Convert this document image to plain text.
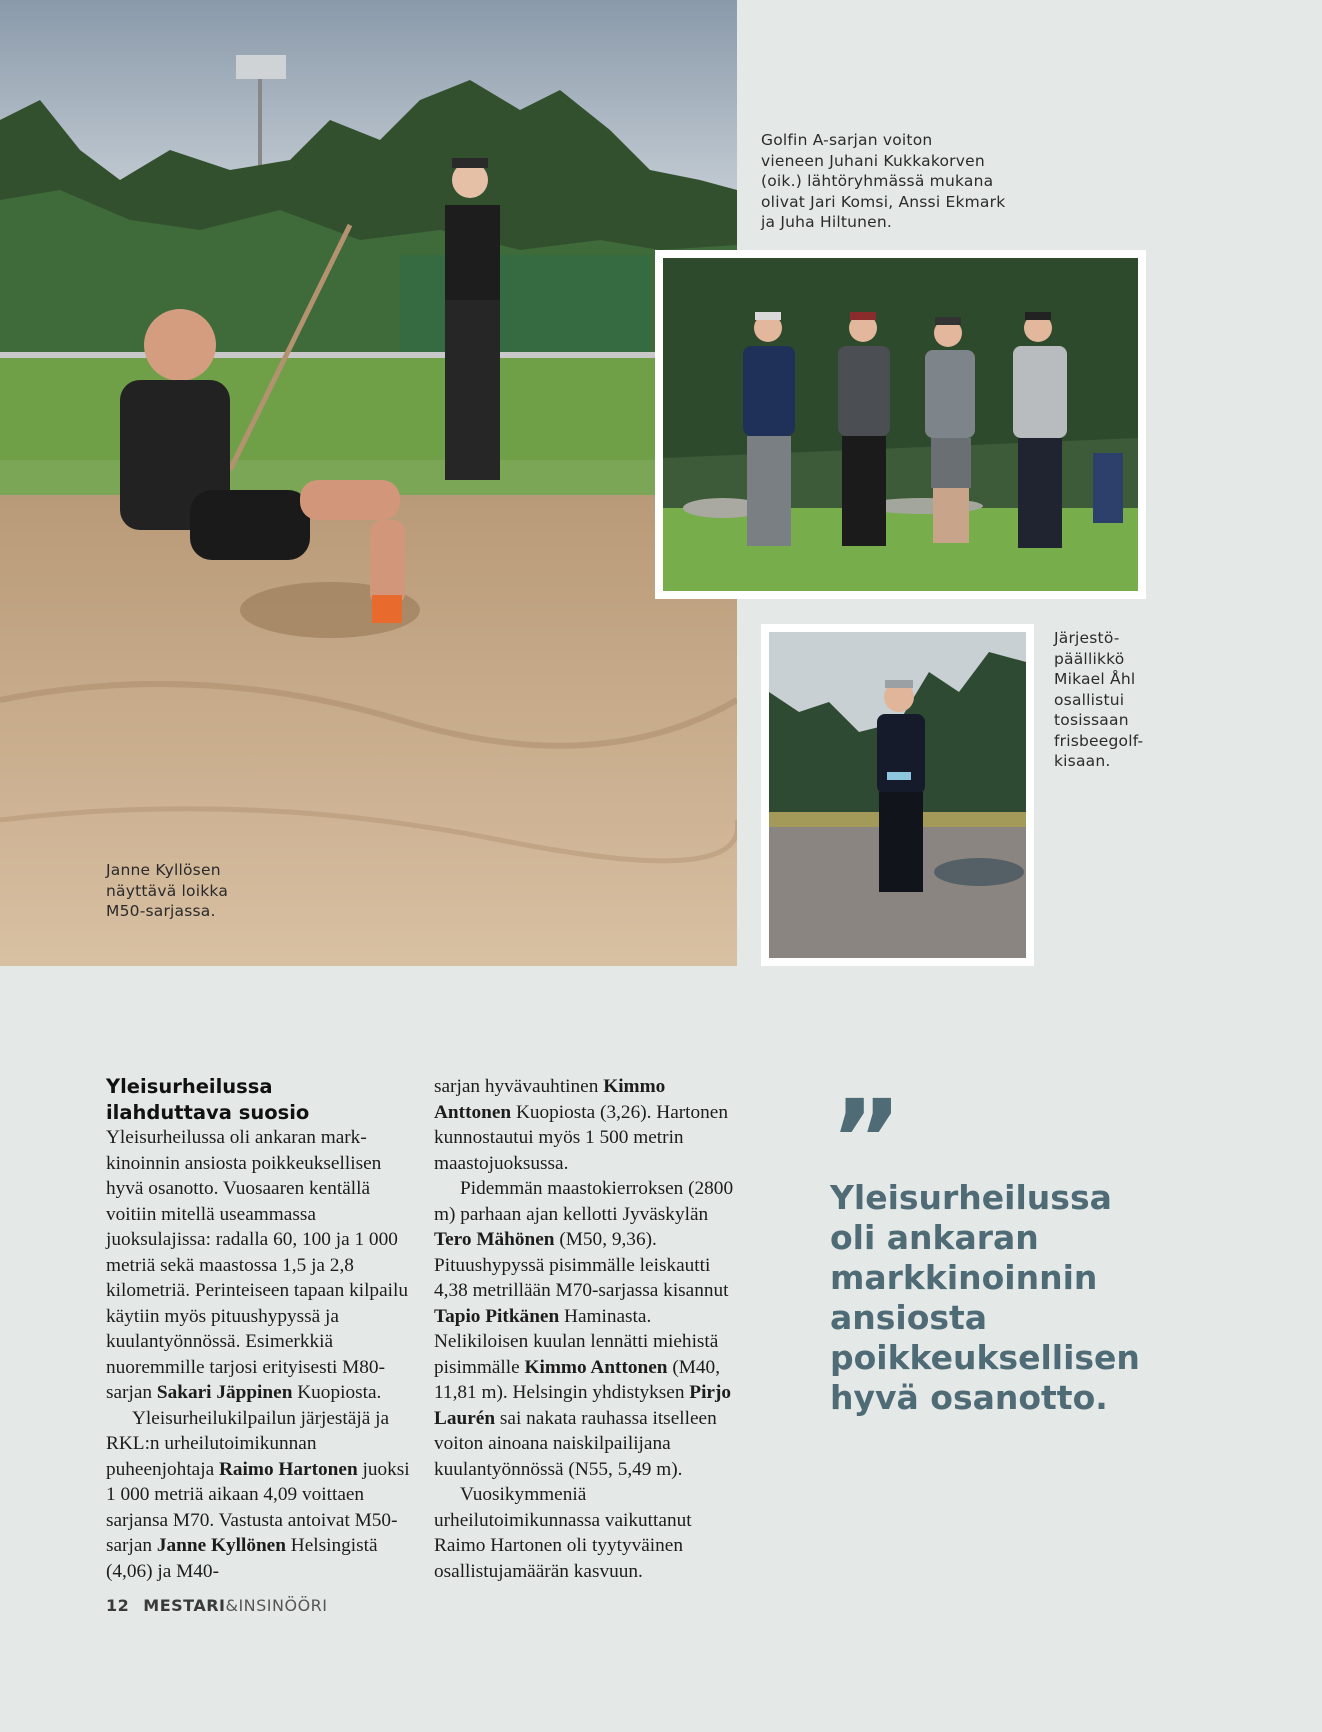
Golfin A-sarjan voiton
vieneen Juhani Kukkakorven
(oik.) lähtöryhmässä mukana
olivat Jari Komsi, Anssi Ekmark
ja Juha Hiltunen.
Järjestö-
päällikkö
Mikael Åhl
osallistui
tosissaan
frisbeegolf-
kisaan.
Janne Kyllösen
näyttävä loikka
M50-sarjassa.
Yleisurheilussa
ilahduttava suosio

Yleisurheilussa oli ankaran markkinoinnin ansiosta poikkeuksellisen hyvä osanotto. Vuosaaren kentällä voitiin mitellä useammassa juoksulajissa: radalla 60, 100 ja 1 000 metriä sekä maastossa 1,5 ja 2,8 kilometriä. Perinteiseen tapaan kilpailu käytiin myös pituushypyssä ja kuulantyönnössä. Esimerkkiä nuoremmille tarjosi erityisesti M80-sarjan Sakari Jäppinen Kuopiosta.

Yleisurheilukilpailun järjestäjä ja RKL:n urheilutoimikunnan puheenjohtaja Raimo Hartonen juoksi 1 000 metriä aikaan 4,09 voittaen sarjansa M70. Vastusta antoivat M50-sarjan Janne Kyllönen Helsingistä (4,06) ja M40-

sarjan hyvävauhtinen Kimmo Anttonen Kuopiosta (3,26). Hartonen kunnostautui myös 1 500 metrin maastojuoksussa.

Pidemmän maastokierroksen (2800 m) parhaan ajan kellotti Jyväskylän Tero Mähönen (M50, 9,36). Pituushypyssä pisimmälle leiskautti 4,38 metrillään M70-sarjassa kisannut Tapio Pitkänen Haminasta. Nelikiloisen kuulan lennätti miehistä pisimmälle Kimmo Anttonen (M40, 11,81 m). Helsingin yhdistyksen Pirjo Laurén sai nakata rauhassa itselleen voiton ainoana naiskilpailijana kuulantyönnössä (N55, 5,49 m).

Vuosikymmeniä urheilutoimikunnassa vaikuttanut Raimo Hartonen oli tyytyväinen osallistujamäärän kasvuun.

”
Yleisurheilussa
oli ankaran
markkinoinnin
ansiosta
poikkeuksellisen
hyvä osanotto.
12 MESTARI&INSINÖÖRI
